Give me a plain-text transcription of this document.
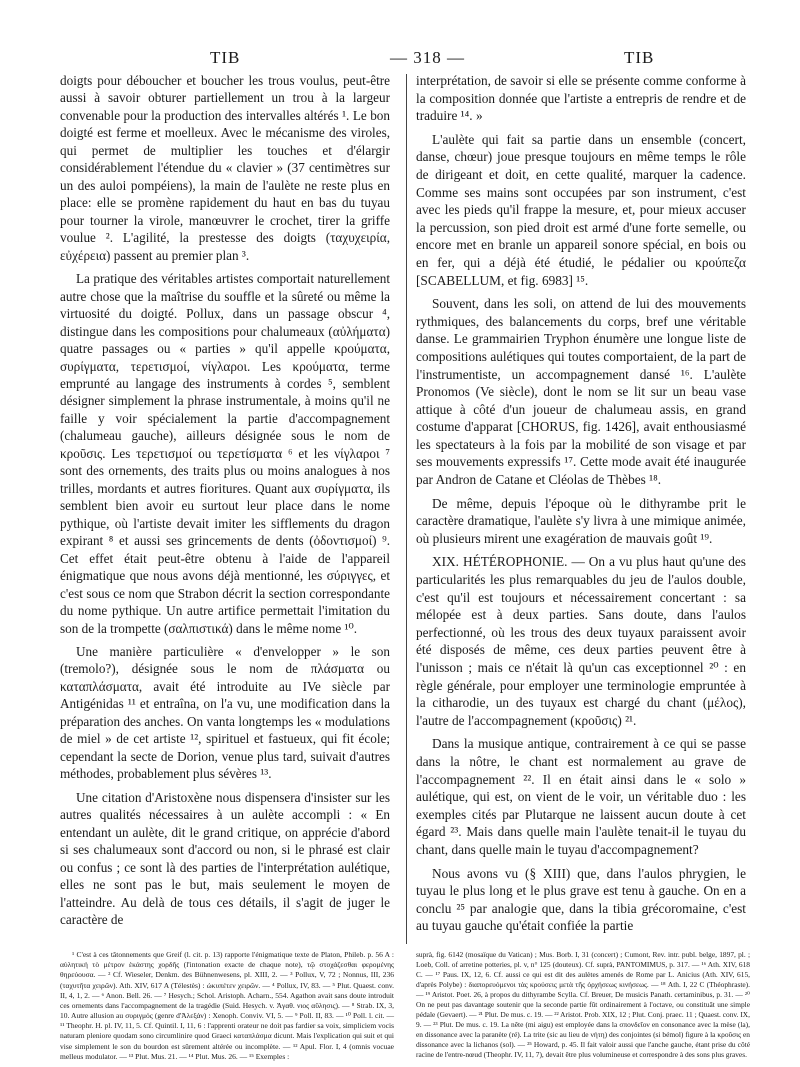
TIB	— 318 —	TIB

doigts pour déboucher et boucher les trous voulus, peut-être aussi à savoir obturer partiellement un trou à la largeur convenable pour la production des intervalles altérés ¹. Le bon doigté est ferme et moelleux. Avec le mécanisme des viroles, qui permet de multiplier les touches et d'élargir considérablement l'étendue du « clavier » (37 centimètres sur un des auloi pompéiens), la main de l'aulète ne reste plus en place: elle se promène rapidement du haut en bas du tuyau pour tourner la virole, manœuvrer le crochet, tirer la griffe voulue ². L'agilité, la prestesse des doigts (ταχυχειρία, εὐχέρεια) passent au premier plan ³.

La pratique des véritables artistes comportait naturellement autre chose que la maîtrise du souffle et la sûreté ou même la virtuosité du doigté. Pollux, dans un passage obscur ⁴, distingue dans les compositions pour chalumeaux (αὐλήματα) quatre passages ou « parties » qu'il appelle κρούματα, συρίγματα, τερετισμοί, νίγλαροι. Les κρούματα, terme emprunté au langage des instruments à cordes ⁵, semblent désigner simplement la phrase instrumentale, à moins qu'il ne faille y voir spécialement la partie d'accompagnement (chalumeau gauche), ailleurs désignée sous le nom de κροῦσις. Les τερετισμοί ou τερετίσματα ⁶ et les νίγλαροι ⁷ sont des ornements, des traits plus ou moins analogues à nos trilles, mordants et autres fioritures. Quant aux συρίγματα, ils semblent bien avoir eu surtout leur place dans le nome pythique, où l'artiste devait imiter les sifflements du dragon expirant ⁸ et aussi ses grincements de dents (ὀδοντισμοί) ⁹. Cet effet était peut-être obtenu à l'aide de l'appareil énigmatique que nous avons déjà mentionné, les σύριγγες, et c'est sous ce nom que Strabon décrit la section correspondante du nome pythique. Un autre artifice permettait l'imitation du son de la trompette (σαλπιστικά) dans le même nome ¹⁰.

Une manière particulière « d'envelopper » le son (tremolo?), désignée sous le nom de πλάσματα ou καταπλάσματα, avait été introduite au IVe siècle par Antigénidas ¹¹ et entraîna, on l'a vu, une modification dans la préparation des anches. On vanta longtemps les « modulations de miel » de cet artiste ¹², spirituel et fastueux, qui fit école; cependant la secte de Dorion, venue plus tard, suivait d'autres méthodes, probablement plus sévères ¹³.

Une citation d'Aristoxène nous dispensera d'insister sur les autres qualités nécessaires à un aulète accompli : « En entendant un aulète, dit le grand critique, on apprécie d'abord si ses chalumeaux sont d'accord ou non, si le phrasé est clair ou confus ; ce sont là des parties de l'interprétation aulétique, elles ne sont pas le but, mais seulement le moyen de l'atteindre. Au delà de tous ces détails, il s'agit de juger le caractère de

interprétation, de savoir si elle se présente comme conforme à la composition donnée que l'artiste a entrepris de rendre et de traduire ¹⁴. »

L'aulète qui fait sa partie dans un ensemble (concert, danse, chœur) joue presque toujours en même temps le rôle de dirigeant et doit, en cette qualité, marquer la cadence. Comme ses mains sont occupées par son instrument, c'est avec les pieds qu'il frappe la mesure, et, pour mieux accuser la percussion, son pied droit est armé d'une forte semelle, ou encore met en branle un appareil sonore spécial, en bois ou en fer, qui a déjà été étudié, le pédalier ou κρούπεζα [SCABELLUM, et fig. 6983] ¹⁵.

Souvent, dans les soli, on attend de lui des mouvements rythmiques, des balancements du corps, bref une véritable danse. Le grammairien Tryphon énumère une longue liste de compositions aulétiques qui toutes comportaient, de la part de l'instrumentiste, un accompagnement dansé ¹⁶. L'aulète Pronomos (Ve siècle), dont le nom se lit sur un beau vase attique à côté d'un joueur de chalumeau assis, en grand costume d'apparat [CHORUS, fig. 1426], avait enthousiasmé les spectateurs à la fois par la mobilité de son visage et par ses mouvements expressifs ¹⁷. Cette mode avait été inaugurée par Andron de Catane et Cléolas de Thèbes ¹⁸.

De même, depuis l'époque où le dithyrambe prit le caractère dramatique, l'aulète s'y livra à une mimique animée, où plusieurs mirent une exagération de mauvais goût ¹⁹.

XIX. HÉTÉROPHONIE. — On a vu plus haut qu'une des particularités les plus remarquables du jeu de l'aulos double, c'est qu'il est toujours et nécessairement concertant : sa mélopée est à deux parties. Sans doute, dans l'aulos perfectionné, où les trous des deux tuyaux paraissent avoir été disposés de même, ces deux parties peuvent être à l'unisson ; mais ce n'était là qu'un cas exceptionnel ²⁰ : en règle générale, pour employer une terminologie empruntée à la citharodie, un des tuyaux est chargé du chant (μέλος), l'autre de l'accompagnement (κροῦσις) ²¹.

Dans la musique antique, contrairement à ce qui se passe dans la nôtre, le chant est normalement au grave de l'accompagnement ²². Il en était ainsi dans le « solo » aulétique, qui est, on vient de le voir, un véritable duo : les exemples cités par Plutarque ne laissent aucun doute à cet égard ²³. Mais dans quelle main l'aulète tenait-il le tuyau du chant, dans quelle main le tuyau d'accompagnement?

Nous avons vu (§ XIII) que, dans l'aulos phrygien, le tuyau le plus long et le plus grave est tenu à gauche. On en a conclu ²⁵ par analogie que, dans la tibia grécoromaine, c'est au tuyau gauche qu'était confiée la partie

¹ C'est à ces tâtonnements que Greif (l. cit. p. 13) rapporte l'énigmatique texte de Platon, Phileb. p. 56 A : αὐλητική τὸ μέτρον ἑκάστης χορδῆς (l'intonation exacte de chaque note), τῷ στοχάζεσθαι φερομένης θηρεύουσα. — ² Cf. Wieseler, Denkm. des Bühnenwesens, pl. XIII, 2. — ³ Pollux, V, 72 ; Nonnus, III, 236 (ταχυτῆτα χειρῶν). Ath. XIV, 617 A (Télestès) : ὠκυπέτεν χειρῶν. — ⁴ Pollux, IV, 83. — ⁵ Plut. Quaest. conv. II, 4, 1, 2. — ⁶ Anon. Bell. 26. — ⁷ Hesych.; Schol. Aristoph. Acharn., 554. Agathon avait sans doute introduit ces ornements dans l'accompagnement de la tragédie (Suid. Hesych. v. Ἀγαθ. νιος αὔλησις). — ⁸ Strab. IX, 3, 10. Autre allusion au συριγμός (genre d'Ἀλεξάν) : Xenoph. Conviv. VI, 5. — ⁹ Poll. II, 83. — ¹⁰ Poll. l. cit. — ¹¹ Theophr. H. pl. IV, 11, 5. Cf. Quintil. I, 11, 6 : l'apprenti orateur ne doit pas fardier sa voix, simpliciem vocis naturam pleniore quodam sono circumlinire quod Graeci καταπλάσμα dicunt. Mais l'explication qui suit et qui vise simplement le son du bourdon est sûrement altérée ou incomplète. — ¹² Apul. Flor. I, 4 (omnis vocuae melleus modulator. — ¹³ Plut. Mus. 21. — ¹⁴ Plut. Mus. 26. — ¹⁵ Exemples :

suprà, fig. 6142 (mosaïque du Vatican) ; Mus. Borb. I, 31 (concert) ; Cumont, Rev. intr. publ. belge, 1897, pl. ; Loeb, Coll. of arretine potteries, pl. v, n° 125 (douteux). Cf. suprà, PANTOMIMUS, p. 317. — ¹⁶ Ath. XIV, 618 C. — ¹⁷ Paus. IX, 12, 6. Cf. aussi ce qui est dit des aulètes amenés de Rome par L. Anicius (Ath. XIV, 615, d'après Polybe) : διαπορευόμενοι τὰς κρούσεις μετὰ τῆς ὀρχήσεως κινήσεως. — ¹⁸ Ath. I, 22 C (Théophraste). — ¹⁹ Aristot. Poet. 26, à propos du dithyrambe Scylla. Cf. Breuer, De musicis Panath. certaminibus, p. 31. — ²⁰ On ne peut pas davantage soutenir que la seconde partie fût ordinairement à l'octave, ou constituât une simple pédale (Gevaert). — ²¹ Plut. De mus. c. 19. — ²² Aristot. Prob. XIX, 12 ; Plut. Conj. praec. 11 ; Quaest. conv. IX, 9. — ²³ Plut. De mus. c. 19. La nête (mi aigu) est employée dans la σπονδεῖον en consonance avec la mèse (la), en dissonance avec la paranète (ré). La trite (sic au lieu de νήτη) des conjointes (si bémol) figure à la κροῦσις en dissonance avec la lichanos (sol). — ²⁵ Howard, p. 45. Il fait valoir aussi que l'anche gauche, étant prise du côté racine de l'entre-nœud (Theophr. IV, 11, 7), devait être plus volumineuse et correspondre à des sons plus graves.
